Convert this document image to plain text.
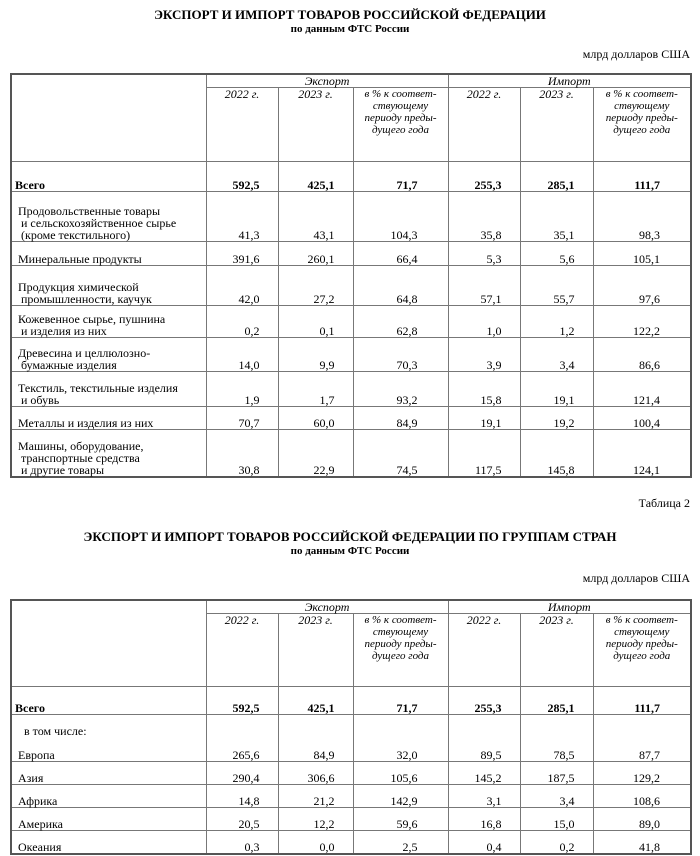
ЭКСПОРТ И ИМПОРТ ТОВАРОВ РОССИЙСКОЙ ФЕДЕРАЦИИ
по данным ФТС России
млрд долларов США
	Экспорт			Импорт		
	2022 г.	2023 г.	в % к соответ-ствующему периоду преды-дущего года	2022 г.	2023 г.	в % к соответ-ствующему периоду преды-дущего года
Всего	592,5	425,1	71,7	255,3	285,1	111,7
Продовольственные товары
и сельскохозяйственное сырье
(кроме текстильного)	41,3	43,1	104,3	35,8	35,1	98,3
Минеральные продукты	391,6	260,1	66,4	5,3	5,6	105,1
Продукция химической
промышленности, каучук	42,0	27,2	64,8	57,1	55,7	97,6
Кожевенное сырье, пушнина
и изделия из них	0,2	0,1	62,8	1,0	1,2	122,2
Древесина и целлюлозно-
бумажные изделия	14,0	9,9	70,3	3,9	3,4	86,6
Текстиль, текстильные изделия
и обувь	1,9	1,7	93,2	15,8	19,1	121,4
Металлы и изделия из них	70,7	60,0	84,9	19,1	19,2	100,4
Машины, оборудование,
транспортные средства
и другие товары	30,8	22,9	74,5	117,5	145,8	124,1
Таблица 2
ЭКСПОРТ И ИМПОРТ ТОВАРОВ РОССИЙСКОЙ ФЕДЕРАЦИИ ПО ГРУППАМ СТРАН
по данным ФТС России
млрд долларов США
	Экспорт			Импорт		
	2022 г.	2023 г.	в % к соответ-ствующему периоду преды-дущего года	2022 г.	2023 г.	в % к соответ-ствующему периоду преды-дущего года
Всего	592,5	425,1	71,7	255,3	285,1	111,7
в том числе:

Европа	265,6	84,9	32,0	89,5	78,5	87,7
Азия	290,4	306,6	105,6	145,2	187,5	129,2
Африка	14,8	21,2	142,9	3,1	3,4	108,6
Америка	20,5	12,2	59,6	16,8	15,0	89,0
Океания	0,3	0,0	2,5	0,4	0,2	41,8
